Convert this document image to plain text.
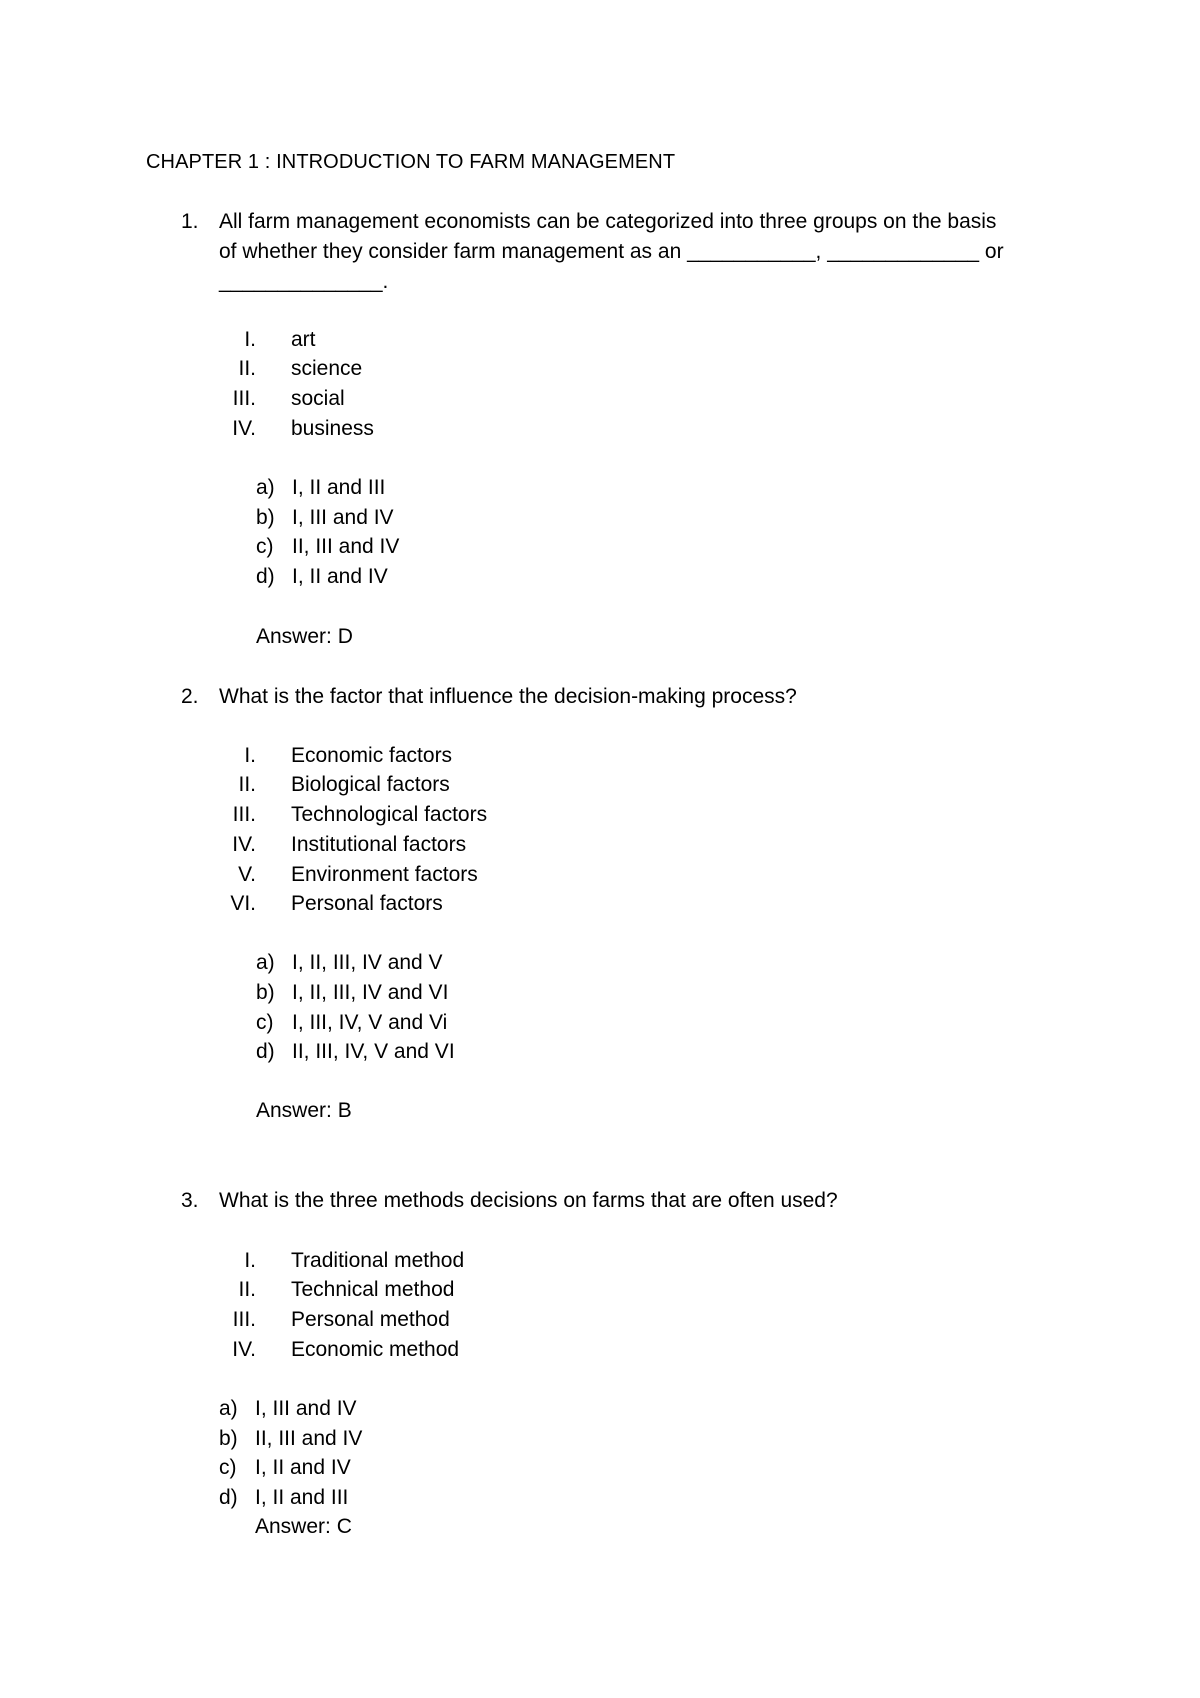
CHAPTER 1 : INTRODUCTION TO FARM MANAGEMENT
1. All farm management economists can be categorized into three groups on the basis
of whether they consider farm management as an ___________, _____________ or
______________.
I. art
II. science
III. social
IV. business
a) I, II and III
b) I, III and IV
c) II, III and IV
d) I, II and IV
Answer: D
2. What is the factor that influence the decision-making process?
I. Economic factors
II. Biological factors
III. Technological factors
IV. Institutional factors
V. Environment factors
VI. Personal factors
a) I, II, III, IV and V
b) I, II, III, IV and VI
c) I, III, IV, V and Vi
d) II, III, IV, V and VI
Answer: B
3. What is the three methods decisions on farms that are often used?
I. Traditional method
II. Technical method
III. Personal method
IV. Economic method
a) I, III and IV
b) II, III and IV
c) I, II and IV
d) I, II and III
Answer: C
